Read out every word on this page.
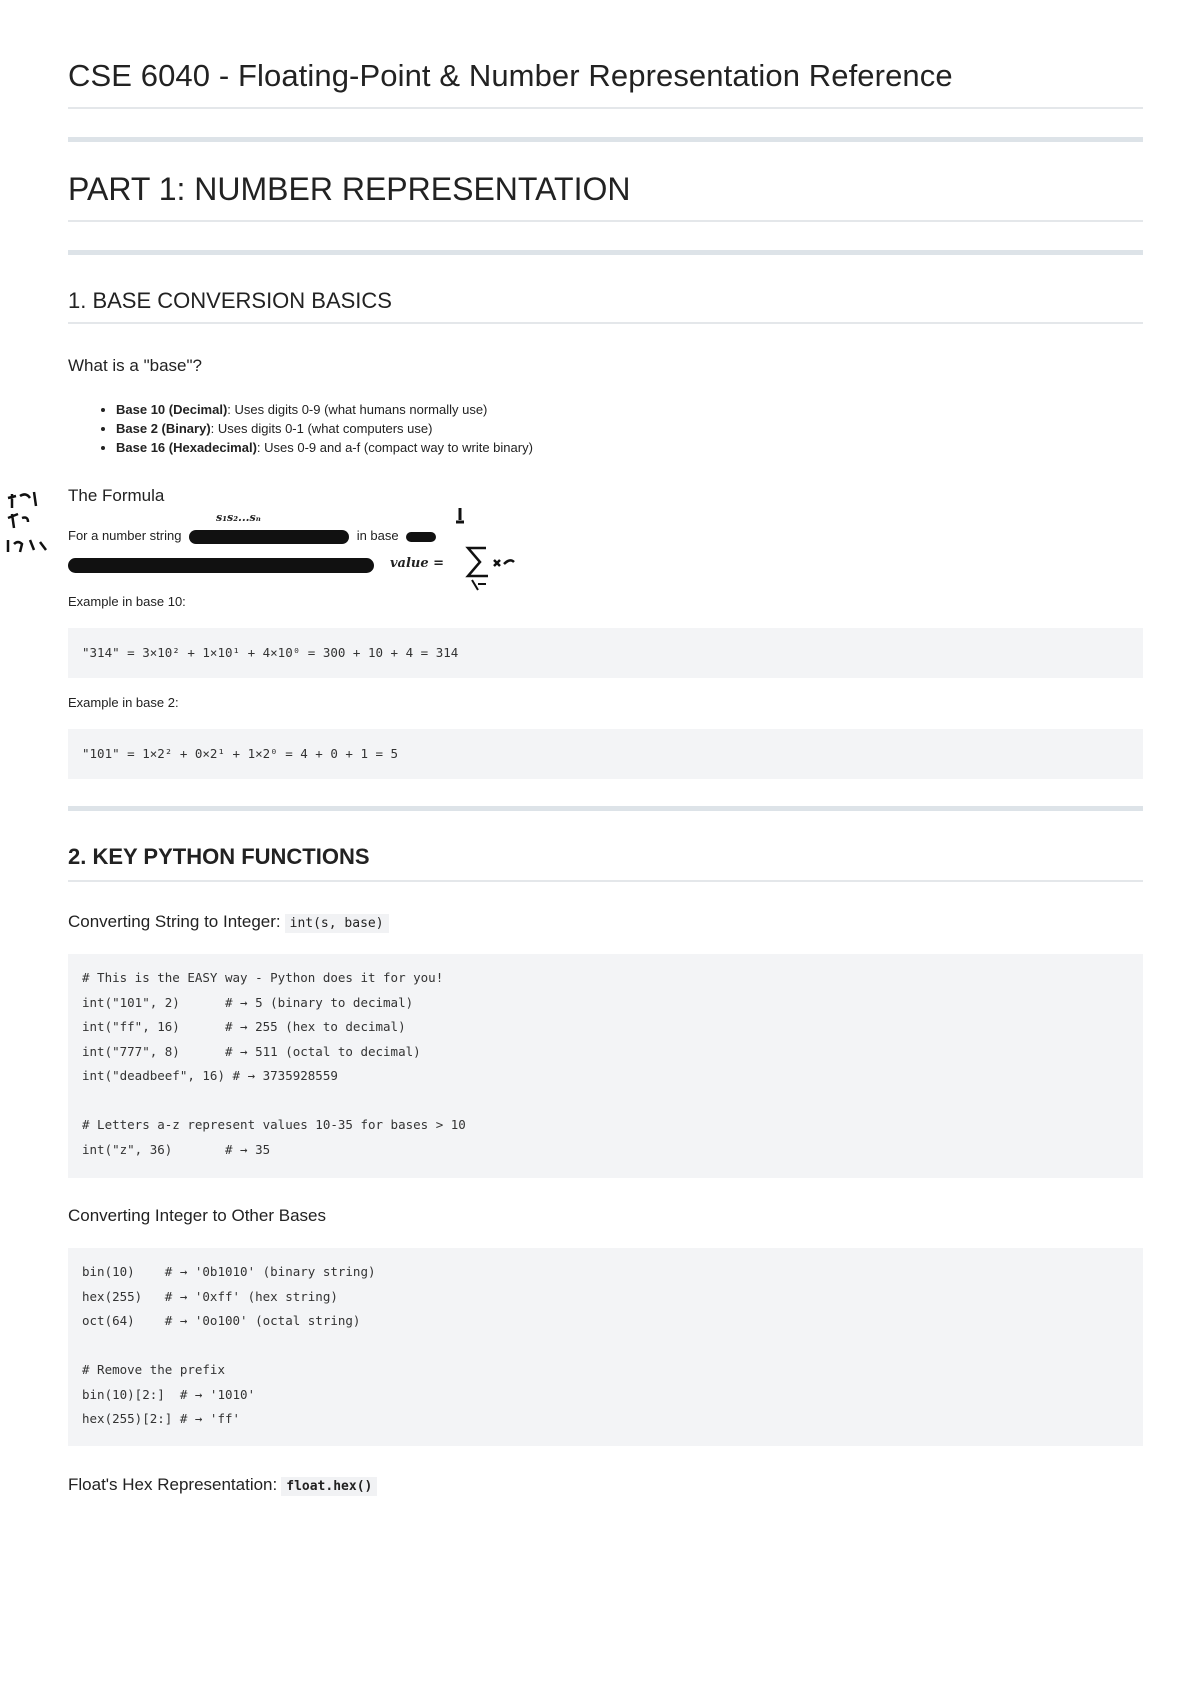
CSE 6040 - Floating-Point & Number Representation Reference
PART 1: NUMBER REPRESENTATION
1. BASE CONVERSION BASICS
What is a "base"?
• Base 10 (Decimal): Uses digits 0-9 (what humans normally use)
• Base 2 (Binary): Uses digits 0-1 (what computers use)
• Base 16 (Hexadecimal): Uses 0-9 and a-f (compact way to write binary)
The Formula
For a number string	in base
s₁s₂...sₙ
value =
Example in base 10:
"314" = 3×10² + 1×10¹ + 4×10⁰ = 300 + 10 + 4 = 314
Example in base 2:
"101" = 1×2² + 0×2¹ + 1×2⁰ = 4 + 0 + 1 = 5
2. KEY PYTHON FUNCTIONS
Converting String to Integer: int(s, base)
# This is the EASY way - Python does it for you!
int("101", 2)      # → 5 (binary to decimal)
int("ff", 16)      # → 255 (hex to decimal)
int("777", 8)      # → 511 (octal to decimal)
int("deadbeef", 16) # → 3735928559

# Letters a-z represent values 10-35 for bases > 10
int("z", 36)       # → 35
Converting Integer to Other Bases
bin(10)    # → '0b1010' (binary string)
hex(255)   # → '0xff' (hex string)
oct(64)    # → '0o100' (octal string)

# Remove the prefix
bin(10)[2:]  # → '1010'
hex(255)[2:] # → 'ff'
Float's Hex Representation: float.hex()
